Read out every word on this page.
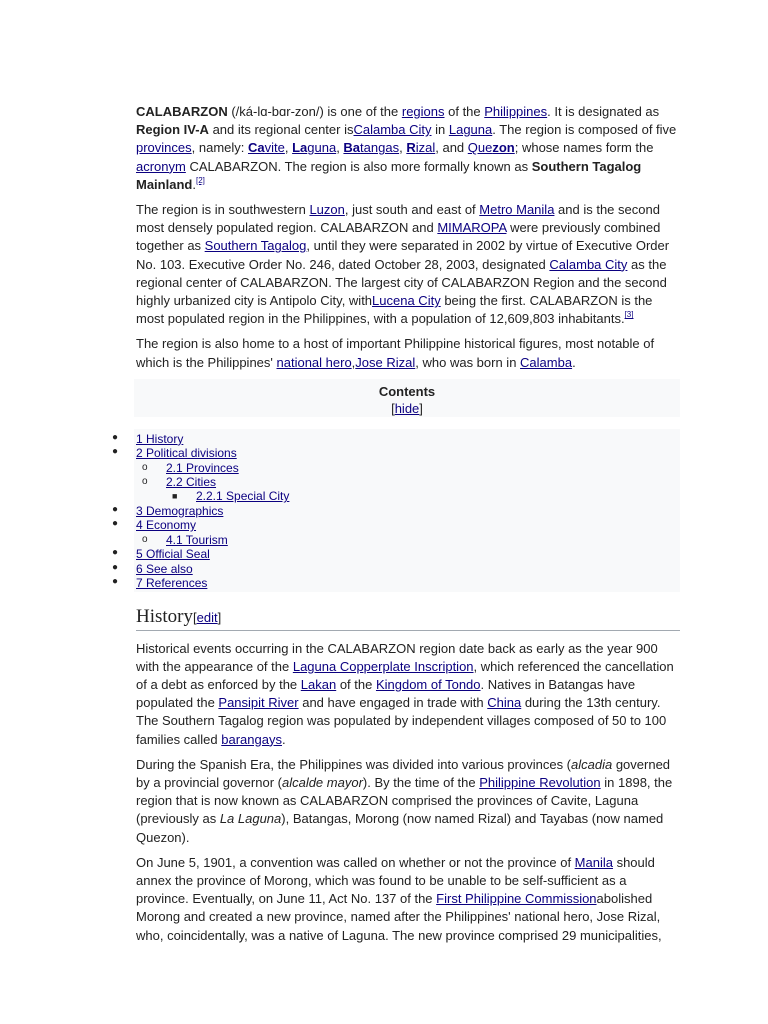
CALABARZON (/ká-lɑ-bɑr-zon/) is one of the regions of the Philippines. It is designated as Region IV-A and its regional center isCalamba City in Laguna. The region is composed of five provinces, namely: Cavite, Laguna, Batangas, Rizal, and Quezon; whose names form the acronym CALABARZON. The region is also more formally known as Southern Tagalog Mainland.[2]

The region is in southwestern Luzon, just south and east of Metro Manila and is the second most densely populated region. CALABARZON and MIMAROPA were previously combined together as Southern Tagalog, until they were separated in 2002 by virtue of Executive Order No. 103. Executive Order No. 246, dated October 28, 2003, designated Calamba City as the regional center of CALABARZON. The largest city of CALABARZON Region and the second highly urbanized city is Antipolo City, withLucena City being the first. CALABARZON is the most populated region in the Philippines, with a population of 12,609,803 inhabitants.[3]

The region is also home to a host of important Philippine historical figures, most notable of which is the Philippines' national hero,Jose Rizal, who was born in Calamba.

Contents
[hide]
● 1 History
● 2 Political divisions
o 2.1 Provinces
o 2.2 Cities
■ 2.2.1 Special City
● 3 Demographics
● 4 Economy
o 4.1 Tourism
● 5 Official Seal
● 6 See also
● 7 References
History[edit]

Historical events occurring in the CALABARZON region date back as early as the year 900 with the appearance of the Laguna Copperplate Inscription, which referenced the cancellation of a debt as enforced by the Lakan of the Kingdom of Tondo. Natives in Batangas have populated the Pansipit River and have engaged in trade with China during the 13th century. The Southern Tagalog region was populated by independent villages composed of 50 to 100 families called barangays.

During the Spanish Era, the Philippines was divided into various provinces (alcadia governed by a provincial governor (alcalde mayor). By the time of the Philippine Revolution in 1898, the region that is now known as CALABARZON comprised the provinces of Cavite, Laguna (previously as La Laguna), Batangas, Morong (now named Rizal) and Tayabas (now named Quezon).

On June 5, 1901, a convention was called on whether or not the province of Manila should annex the province of Morong, which was found to be unable to be self-sufficient as a province. Eventually, on June 11, Act No. 137 of the First Philippine Commissionabolished Morong and created a new province, named after the Philippines' national hero, Jose Rizal, who, coincidentally, was a native of Laguna. The new province comprised 29 municipalities,
